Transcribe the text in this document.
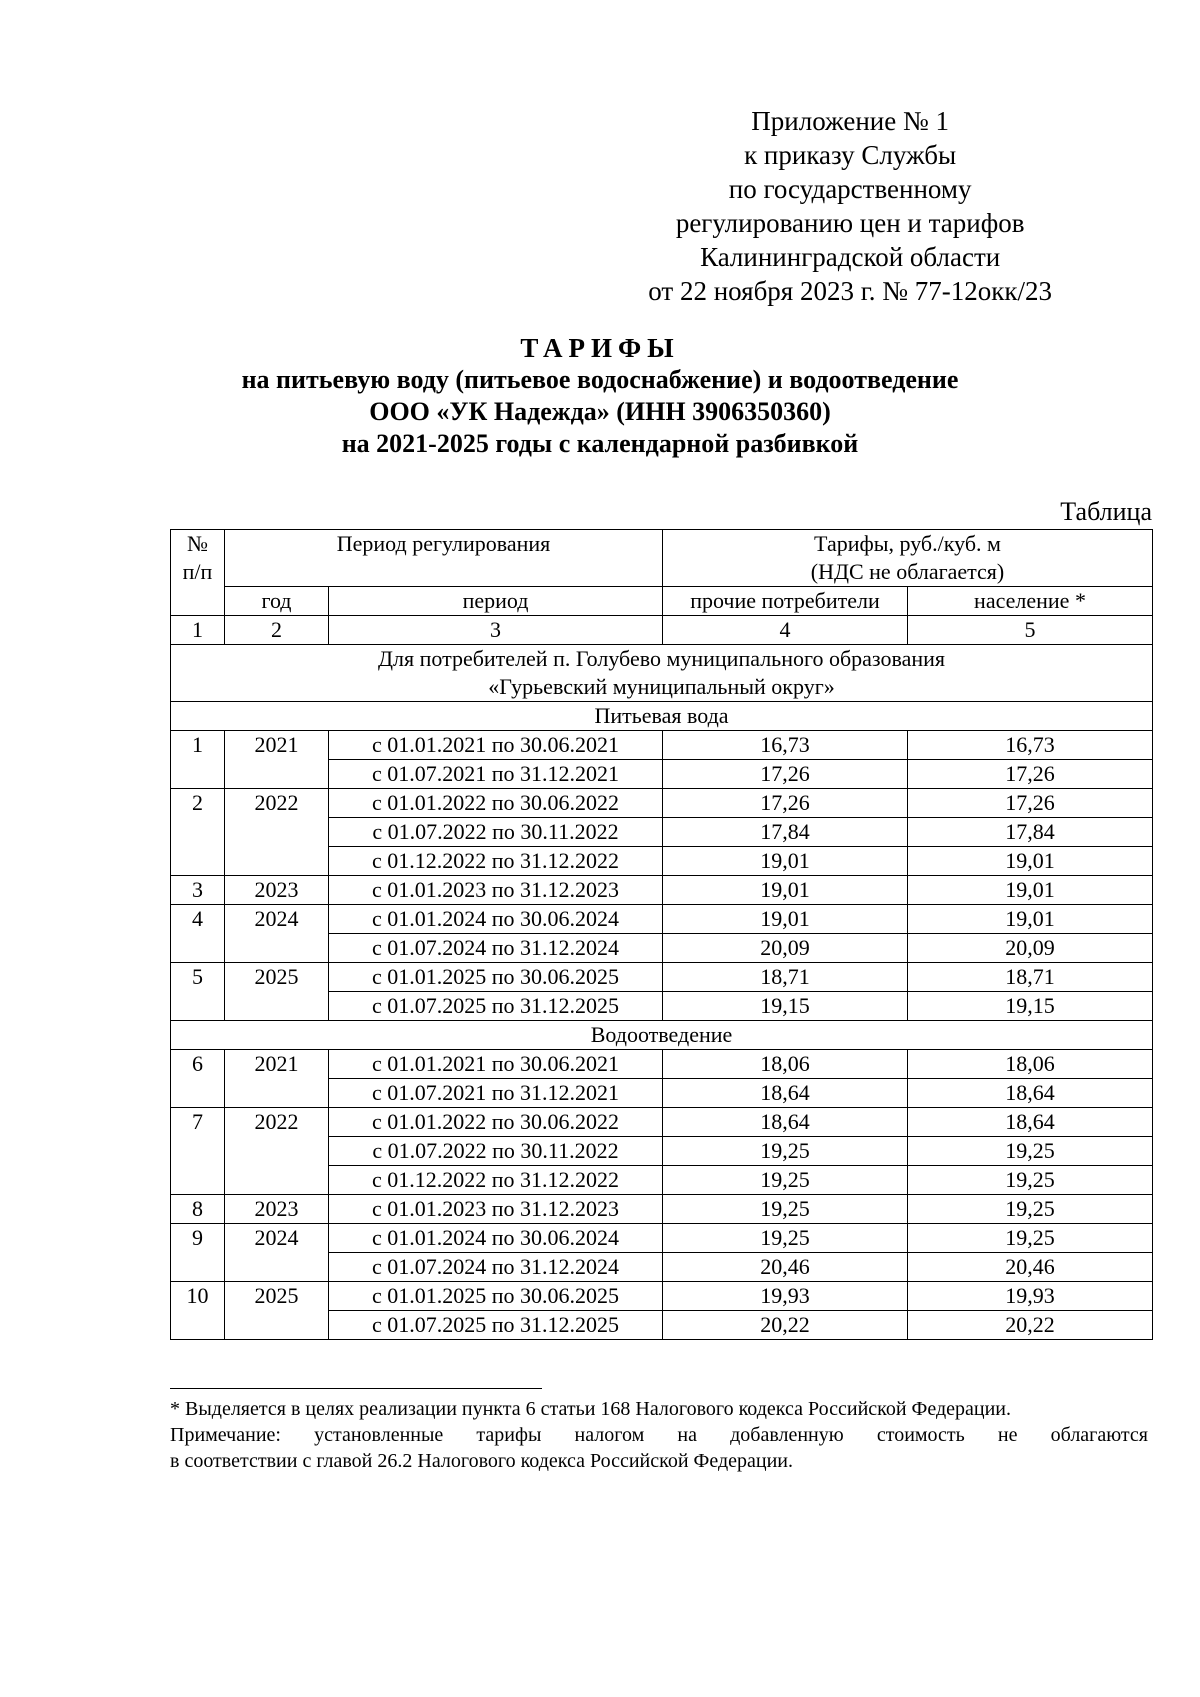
Приложение № 1
к приказу Службы
по государственному
регулированию цен и тарифов
Калининградской области
от 22 ноября 2023 г. № 77-12окк/23
ТАРИФЫ
на питьевую воду (питьевое водоснабжение) и водоотведение
ООО «УК Надежда» (ИНН 3906350360)
на 2021-2025 годы с календарной разбивкой
Таблица
№ п/п	Период регулирования		Тарифы, руб./куб. м
(НДС не облагается)	

	год	период	прочие потребители	население *
1	2	3	4	5

Для потребителей п. Голубево муниципального образования
«Гурьевский муниципальный округ»				

Питьевая вода				
1	2021	с 01.01.2021 по 30.06.2021	16,73	16,73
		с 01.07.2021 по 31.12.2021	17,26	17,26
2	2022	с 01.01.2022 по 30.06.2022	17,26	17,26
		с 01.07.2022 по 30.11.2022	17,84	17,84
		с 01.12.2022 по 31.12.2022	19,01	19,01
3	2023	с 01.01.2023 по 31.12.2023	19,01	19,01
4	2024	с 01.01.2024 по 30.06.2024	19,01	19,01
		с 01.07.2024 по 31.12.2024	20,09	20,09
5	2025	с 01.01.2025 по 30.06.2025	18,71	18,71
		с 01.07.2025 по 31.12.2025	19,15	19,15
Водоотведение				
6	2021	с 01.01.2021 по 30.06.2021	18,06	18,06
		с 01.07.2021 по 31.12.2021	18,64	18,64
7	2022	с 01.01.2022 по 30.06.2022	18,64	18,64
		с 01.07.2022 по 30.11.2022	19,25	19,25
		с 01.12.2022 по 31.12.2022	19,25	19,25
8	2023	с 01.01.2023 по 31.12.2023	19,25	19,25
9	2024	с 01.01.2024 по 30.06.2024	19,25	19,25
		с 01.07.2024 по 31.12.2024	20,46	20,46
10	2025	с 01.01.2025 по 30.06.2025	19,93	19,93
		с 01.07.2025 по 31.12.2025	20,22	20,22
* Выделяется в целях реализации пункта 6 статьи 168 Налогового кодекса Российской Федерации.
Примечание: установленные тарифы налогом на добавленную стоимость не облагаются
в соответствии с главой 26.2 Налогового кодекса Российской Федерации.
